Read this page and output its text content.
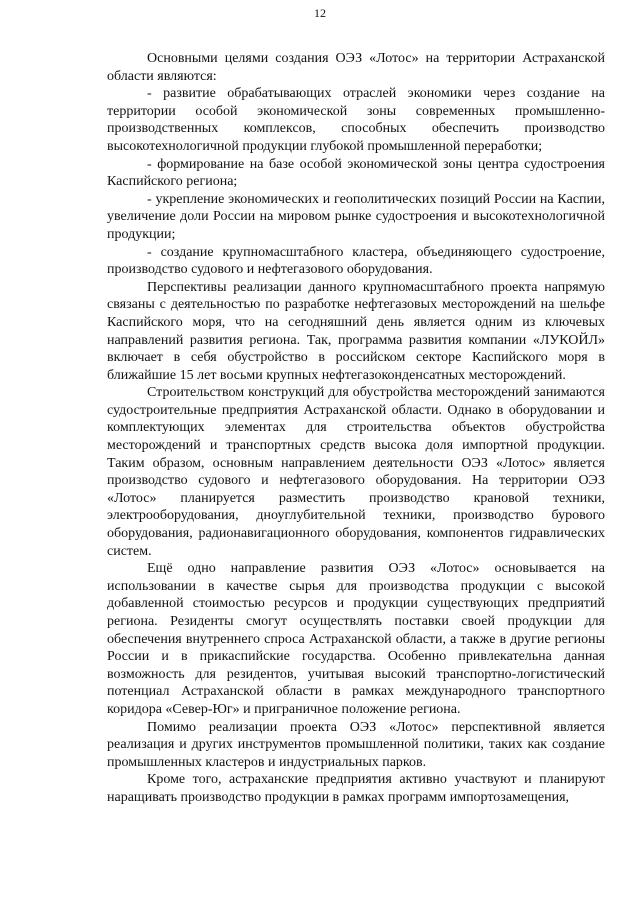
12

Основными целями создания ОЭЗ «Лотос» на территории Астраханской области являются:

- развитие обрабатывающих отраслей экономики через создание на территории особой экономической зоны современных промышленно-производственных комплексов, способных обеспечить производство высокотехнологичной продукции глубокой промышленной переработки;

- формирование на базе особой экономической зоны центра судостроения Каспийского региона;

- укрепление экономических и геополитических позиций России на Каспии, увеличение доли России на мировом рынке судостроения и высокотехнологичной продукции;

- создание крупномасштабного кластера, объединяющего судостроение, производство судового и нефтегазового оборудования.

Перспективы реализации данного крупномасштабного проекта напрямую связаны с деятельностью по разработке нефтегазовых месторождений на шельфе Каспийского моря, что на сегодняшний день является одним из ключевых направлений развития региона. Так, программа развития компании «ЛУКОЙЛ» включает в себя обустройство в российском секторе Каспийского моря в ближайшие 15 лет восьми крупных нефтегазоконденсатных месторождений.

Строительством конструкций для обустройства месторождений занимаются судостроительные предприятия Астраханской области. Однако в оборудовании и комплектующих элементах для строительства объектов обустройства месторождений и транспортных средств высока доля импортной продукции. Таким образом, основным направлением деятельности ОЭЗ «Лотос» является производство судового и нефтегазового оборудования. На территории ОЭЗ «Лотос» планируется разместить производство крановой техники, электрооборудования, дноуглубительной техники, производство бурового оборудования, радионавигационного оборудования, компонентов гидравлических систем.

Ещё одно направление развития ОЭЗ «Лотос» основывается на использовании в качестве сырья для производства продукции с высокой добавленной стоимостью ресурсов и продукции существующих предприятий региона. Резиденты смогут осуществлять поставки своей продукции для обеспечения внутреннего спроса Астраханской области, а также в другие регионы России и в прикаспийские государства. Особенно привлекательна данная возможность для резидентов, учитывая высокий транспортно-логистический потенциал Астраханской области в рамках международного транспортного коридора «Север-Юг» и приграничное положение региона.

Помимо реализации проекта ОЭЗ «Лотос» перспективной является реализация и других инструментов промышленной политики, таких как создание промышленных кластеров и индустриальных парков.

Кроме того, астраханские предприятия активно участвуют и планируют наращивать производство продукции в рамках программ импортозамещения,
